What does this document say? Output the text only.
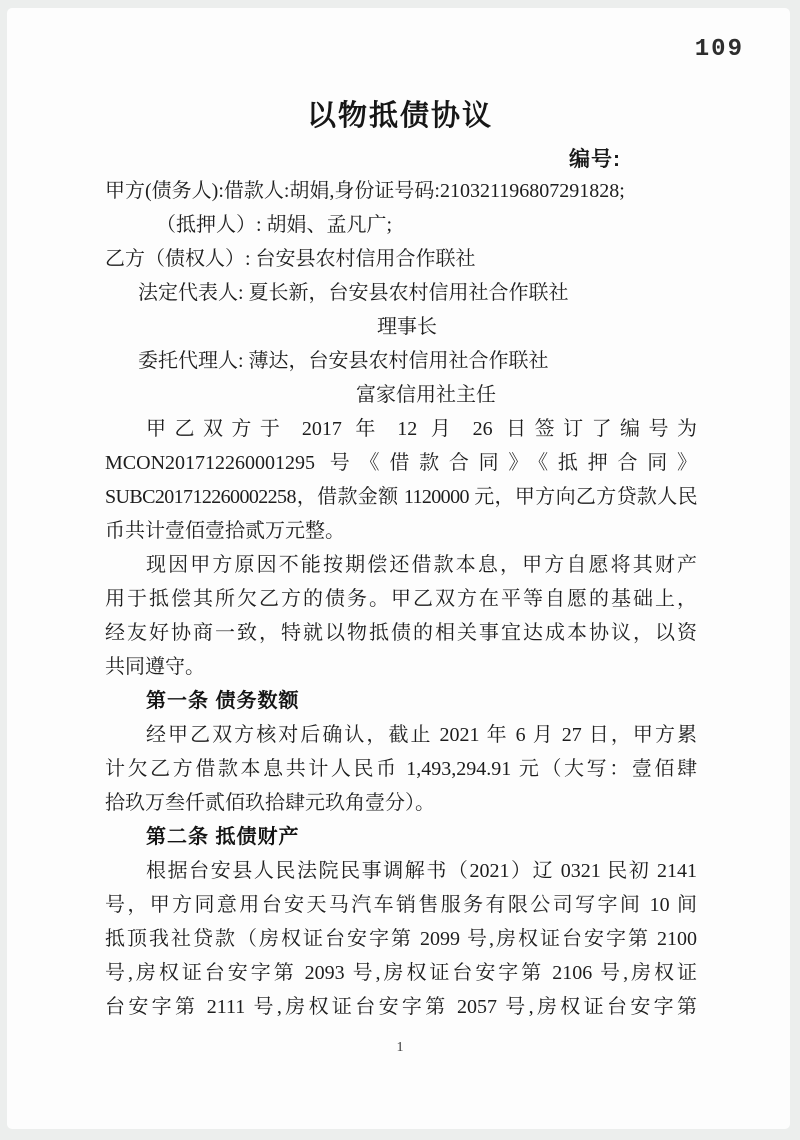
109
以物抵债协议
编号:
甲方(债务人):借款人:胡娟,身份证号码:210321196807291828;
（抵押人）: 胡娟、孟凡广;
乙方（债权人）: 台安县农村信用合作联社
法定代表人: 夏长新，台安县农村信用社合作联社
理事长
委托代理人: 薄达，台安县农村信用社合作联社
富家信用社主任
甲乙双方于 2017 年 12 月 26 日签订了编号为
MCON201712260001295 号《借款合同》《抵押合同》
SUBC201712260002258，借款金额 1120000 元，甲方向乙方贷款人民
币共计壹佰壹拾贰万元整。
现因甲方原因不能按期偿还借款本息，甲方自愿将其财产
用于抵偿其所欠乙方的债务。甲乙双方在平等自愿的基础上，
经友好协商一致，特就以物抵债的相关事宜达成本协议，以资
共同遵守。
第一条 债务数额
经甲乙双方核对后确认，截止 2021 年 6 月 27 日，甲方累
计欠乙方借款本息共计人民币 1,493,294.91 元（大写：壹佰肆
拾玖万叁仟贰佰玖拾肆元玖角壹分）。
第二条 抵债财产
根据台安县人民法院民事调解书（2021）辽 0321 民初 2141
号，甲方同意用台安天马汽车销售服务有限公司写字间 10 间
抵顶我社贷款（房权证台安字第 2099 号,房权证台安字第 2100
号,房权证台安字第 2093 号,房权证台安字第 2106 号,房权证
台安字第 2111 号,房权证台安字第 2057 号,房权证台安字第
1
